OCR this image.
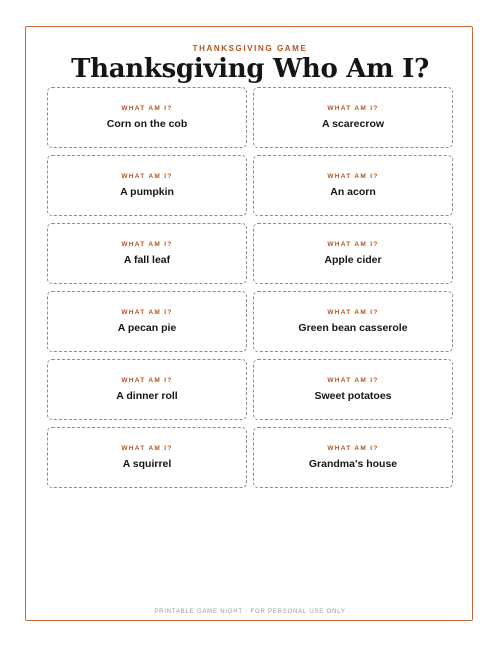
THANKSGIVING GAME
Thanksgiving Who Am I?
WHAT AM I?
Corn on the cob
WHAT AM I?
A scarecrow
WHAT AM I?
A pumpkin
WHAT AM I?
An acorn
WHAT AM I?
A fall leaf
WHAT AM I?
Apple cider
WHAT AM I?
A pecan pie
WHAT AM I?
Green bean casserole
WHAT AM I?
A dinner roll
WHAT AM I?
Sweet potatoes
WHAT AM I?
A squirrel
WHAT AM I?
Grandma's house
PRINTABLE GAME NIGHT · FOR PERSONAL USE ONLY
